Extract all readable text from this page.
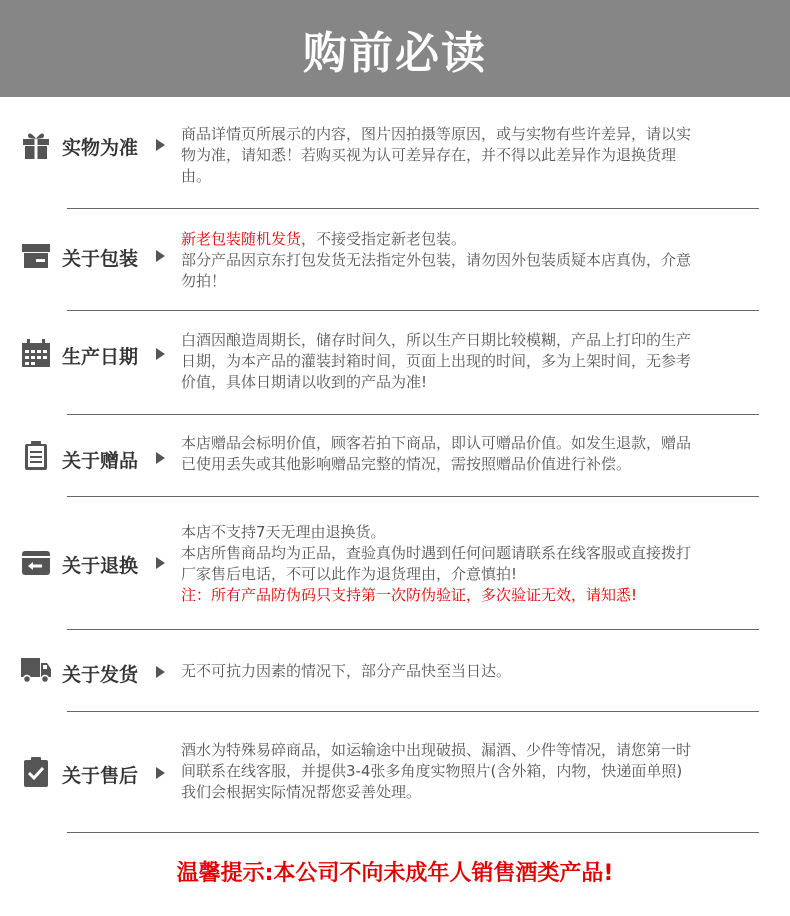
购前必读
实物为准

商品详情页所展示的内容，图片因拍摄等原因，或与实物有些许差异，请以实

物为准，请知悉！若购买视为认可差异存在，并不得以此差异作为退换货理

由。

关于包装

新老包装随机发货，不接受指定新老包装。

部分产品因京东打包发货无法指定外包装，请勿因外包装质疑本店真伪，介意

勿拍！

生产日期

白酒因酿造周期长，储存时间久，所以生产日期比较模糊，产品上打印的生产

日期，为本产品的灌装封箱时间，页面上出现的时间，多为上架时间，无参考

价值，具体日期请以收到的产品为准!

关于赠品

本店赠品会标明价值，顾客若拍下商品，即认可赠品价值。如发生退款，赠品

已使用丢失或其他影响赠品完整的情况，需按照赠品价值进行补偿。

关于退换

本店不支持7天无理由退换货。

本店所售商品均为正品，查验真伪时遇到任何问题请联系在线客服或直接拨打

厂家售后电话，不可以此作为退货理由，介意慎拍!

注：所有产品防伪码只支持第一次防伪验证，多次验证无效，请知悉!

关于发货	无不可抗力因素的情况下，部分产品快至当日达。

关于售后

酒水为特殊易碎商品，如运输途中出现破损、漏酒、少件等情况，请您第一时

间联系在线客服，并提供3-4张多角度实物照片(含外箱，内物，快递面单照)

我们会根据实际情况帮您妥善处理。

温馨提示:本公司不向未成年人销售酒类产品!
